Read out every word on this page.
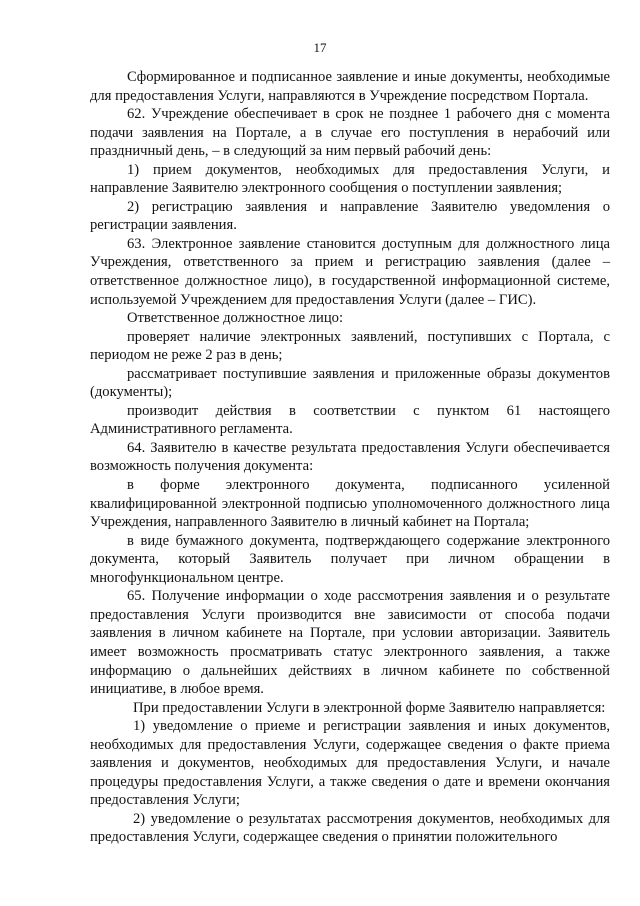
17

Сформированное и подписанное заявление и иные документы, необходимые для предоставления Услуги, направляются в Учреждение посредством Портала.

62. Учреждение обеспечивает в срок не позднее 1 рабочего дня с момента подачи заявления на Портале, а в случае его поступления в нерабочий или праздничный день, – в следующий за ним первый рабочий день:

1) прием документов, необходимых для предоставления Услуги, и направление Заявителю электронного сообщения о поступлении заявления;

2) регистрацию заявления и направление Заявителю уведомления о регистрации заявления.

63. Электронное заявление становится доступным для должностного лица Учреждения, ответственного за прием и регистрацию заявления (далее – ответственное должностное лицо), в государственной информационной системе, используемой Учреждением для предоставления Услуги (далее – ГИС).

Ответственное должностное лицо:

проверяет наличие электронных заявлений, поступивших с Портала, с периодом не реже 2 раз в день;

рассматривает поступившие заявления и приложенные образы документов (документы);

производит действия в соответствии с пунктом 61 настоящего Административного регламента.

64. Заявителю в качестве результата предоставления Услуги обеспечивается возможность получения документа:

в форме электронного документа, подписанного усиленной квалифицированной электронной подписью уполномоченного должностного лица Учреждения, направленного Заявителю в личный кабинет на Портала;

в виде бумажного документа, подтверждающего содержание электронного документа, который Заявитель получает при личном обращении в многофункциональном центре.

65. Получение информации о ходе рассмотрения заявления и о результате предоставления Услуги производится вне зависимости от способа подачи заявления в личном кабинете на Портале, при условии авторизации. Заявитель имеет возможность просматривать статус электронного заявления, а также информацию о дальнейших действиях в личном кабинете по собственной инициативе, в любое время.

При предоставлении Услуги в электронной форме Заявителю направляется:

1) уведомление о приеме и регистрации заявления и иных документов, необходимых для предоставления Услуги, содержащее сведения о факте приема заявления и документов, необходимых для предоставления Услуги, и начале процедуры предоставления Услуги, а также сведения о дате и времени окончания предоставления Услуги;

2) уведомление о результатах рассмотрения документов, необходимых для предоставления Услуги, содержащее сведения о принятии положительного
